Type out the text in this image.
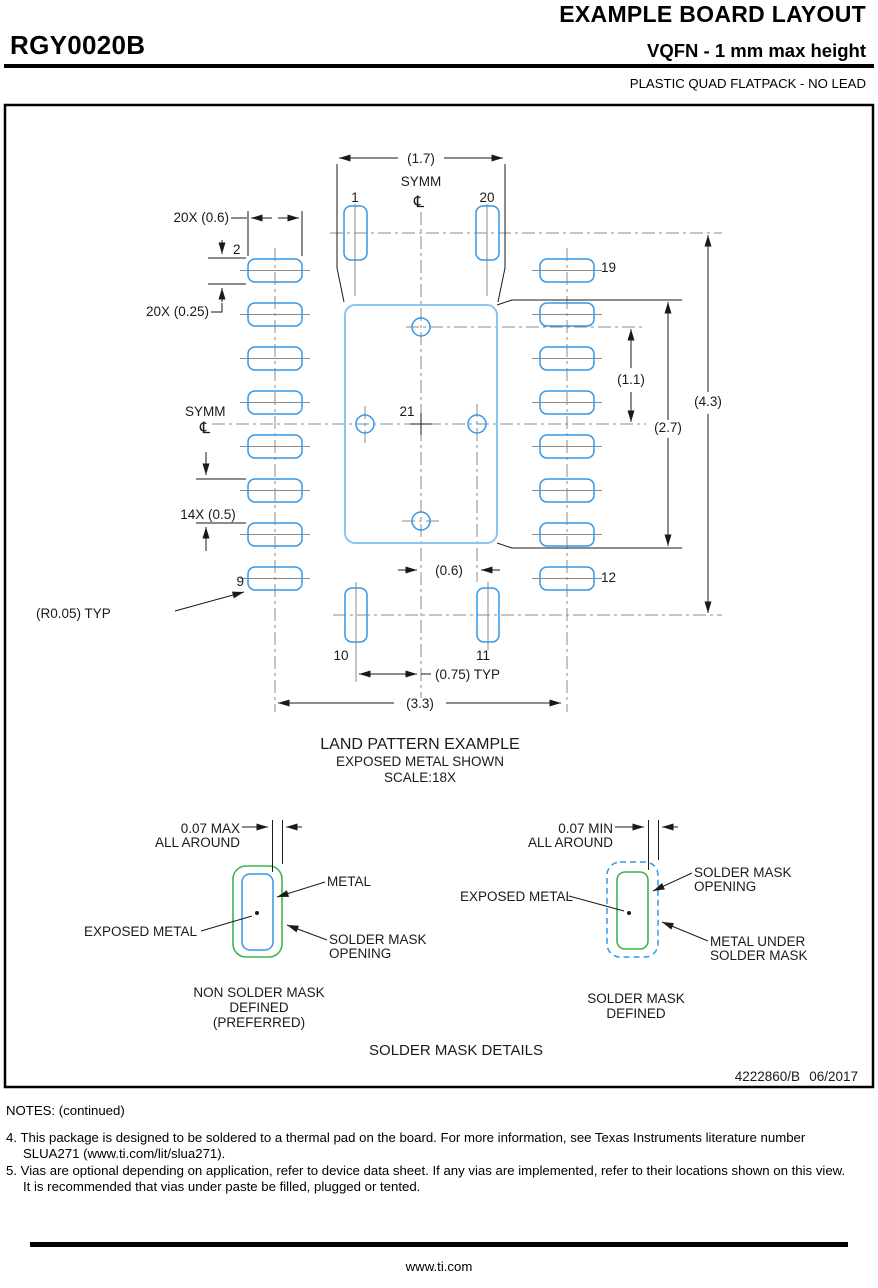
EXAMPLE BOARD LAYOUT
RGY0020B	VQFN - 1 mm max height
PLASTIC QUAD FLATPACK - NO LEAD
(1.7)
SYMM
℄
SYMM
℄
1	20
2
19
9	12
10	11
21
20X (0.6)
20X (0.25)
14X (0.5)
(R0.05) TYP
(1.1)
(2.7)
(4.3)
(0.6)
(0.75) TYP
(3.3)
LAND PATTERN EXAMPLE
EXPOSED METAL SHOWN
SCALE:18X
0.07 MAX
ALL AROUND
METAL
EXPOSED METAL
SOLDER MASK
OPENING
NON SOLDER MASK
DEFINED
(PREFERRED)
0.07 MIN
ALL AROUND
SOLDER MASK
OPENING
EXPOSED METAL
METAL UNDER
SOLDER MASK
SOLDER MASK
DEFINED
SOLDER MASK DETAILS
4222860/B 06/2017
NOTES: (continued)
4. This package is designed to be soldered to a thermal pad on the board. For more information, see Texas Instruments literature number SLUA271 (www.ti.com/lit/slua271).
5. Vias are optional depending on application, refer to device data sheet. If any vias are implemented, refer to their locations shown on this view. It is recommended that vias under paste be filled, plugged or tented.
www.ti.com
